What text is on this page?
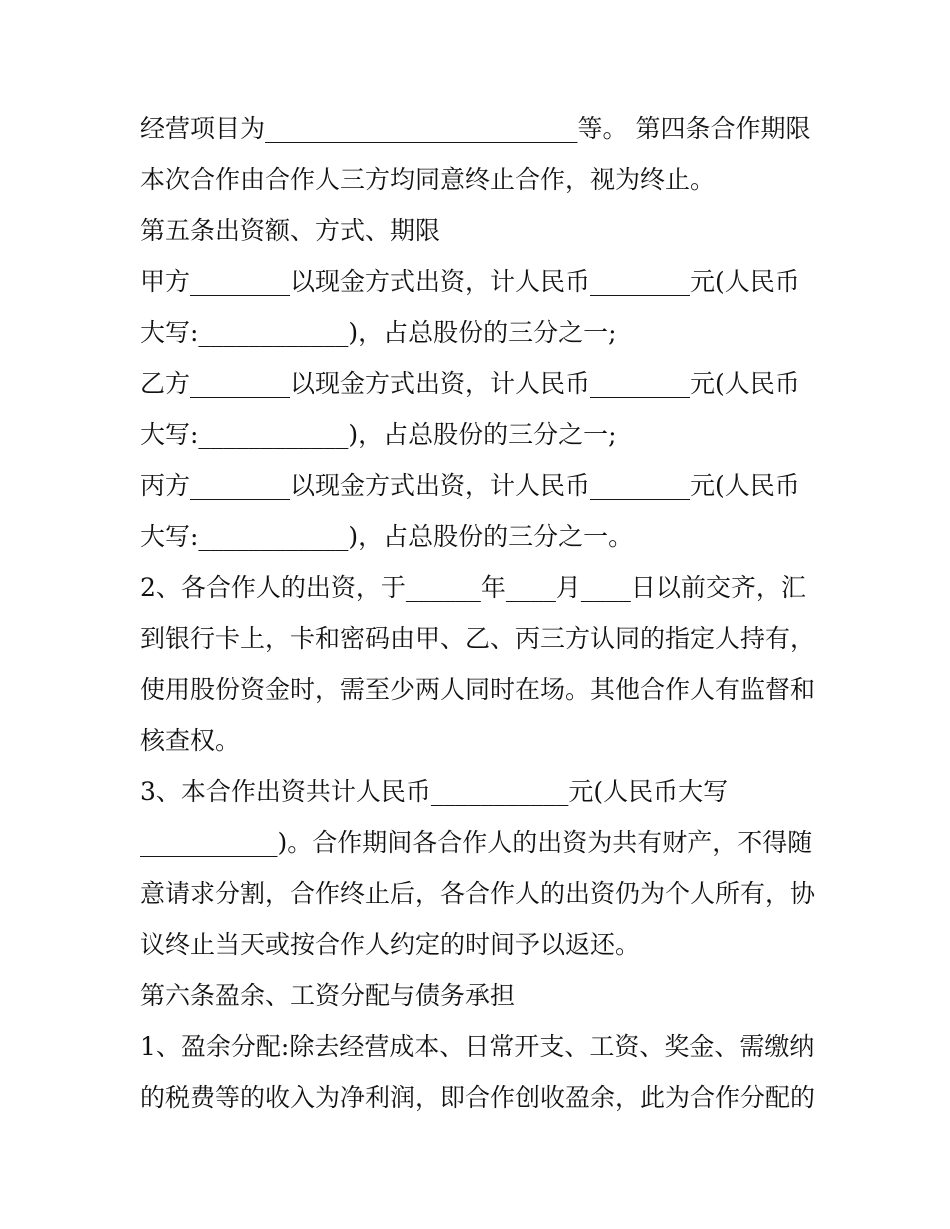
经营项目为_________________________等。 第四条合作期限
本次合作由合作人三方均同意终止合作，视为终止。
第五条出资额、方式、期限
甲方________以现金方式出资，计人民币________元(人民币
大写:____________)，占总股份的三分之一;
乙方________以现金方式出资，计人民币________元(人民币
大写:____________)，占总股份的三分之一;
丙方________以现金方式出资，计人民币________元(人民币
大写:____________)，占总股份的三分之一。
2、各合作人的出资，于______年____月____日以前交齐，汇
到银行卡上，卡和密码由甲、乙、丙三方认同的指定人持有，
使用股份资金时，需至少两人同时在场。其他合作人有监督和
核查权。
3、本合作出资共计人民币___________元(人民币大写
___________)。合作期间各合作人的出资为共有财产，不得随
意请求分割，合作终止后，各合作人的出资仍为个人所有，协
议终止当天或按合作人约定的时间予以返还。
第六条盈余、工资分配与债务承担
1、盈余分配:除去经营成本、日常开支、工资、奖金、需缴纳
的税费等的收入为净利润，即合作创收盈余，此为合作分配的
